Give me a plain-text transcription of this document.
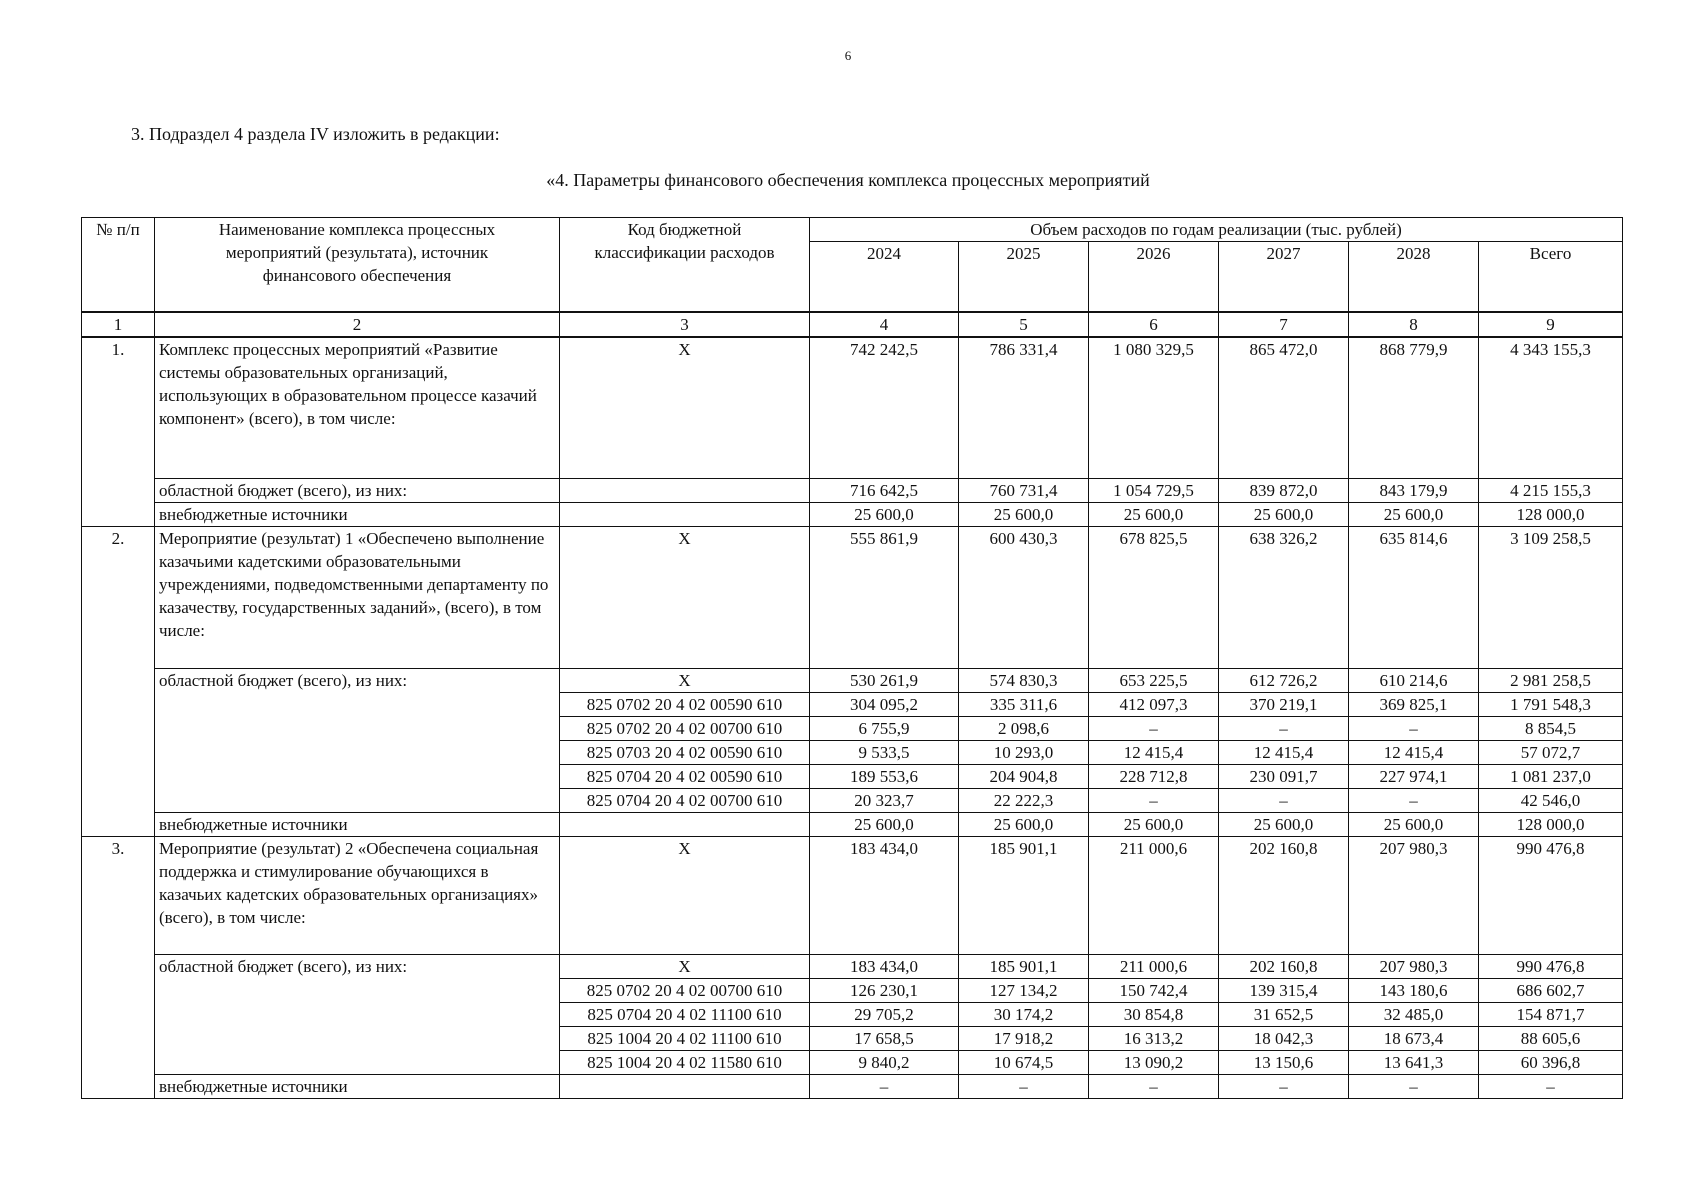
6
3. Подраздел 4 раздела IV изложить в редакции:
«4. Параметры финансового обеспечения комплекса процессных мероприятий
№ п/п	Наименование комплекса процессных мероприятий (результата), источник финансового обеспечения	Код бюджетной классификации расходов	Объем расходов по годам реализации (тыс. рублей)					
			2024	2025	2026	2027	2028	Всего
1	2	3	4	5	6	7	8	9
1.	Комплекс процессных мероприятий «Развитие системы образовательных организаций, использующих в образовательном процессе казачий компонент» (всего), в том числе:	Х	742 242,5	786 331,4	1 080 329,5	865 472,0	868 779,9	4 343 155,3
	областной бюджет (всего), из них:		716 642,5	760 731,4	1 054 729,5	839 872,0	843 179,9	4 215 155,3
	внебюджетные источники		25 600,0	25 600,0	25 600,0	25 600,0	25 600,0	128 000,0
2.	Мероприятие (результат) 1 «Обеспечено выполнение казачьими кадетскими образовательными учреждениями, подведомственными департаменту по казачеству, государственных заданий», (всего), в том числе:	Х	555 861,9	600 430,3	678 825,5	638 326,2	635 814,6	3 109 258,5
	областной бюджет (всего), из них:	Х	530 261,9	574 830,3	653 225,5	612 726,2	610 214,6	2 981 258,5
		825 0702 20 4 02 00590 610	304 095,2	335 311,6	412 097,3	370 219,1	369 825,1	1 791 548,3
		825 0702 20 4 02 00700 610	6 755,9	2 098,6	–	–	–	8 854,5
		825 0703 20 4 02 00590 610	9 533,5	10 293,0	12 415,4	12 415,4	12 415,4	57 072,7
		825 0704 20 4 02 00590 610	189 553,6	204 904,8	228 712,8	230 091,7	227 974,1	1 081 237,0
		825 0704 20 4 02 00700 610	20 323,7	22 222,3	–	–	–	42 546,0
	внебюджетные источники		25 600,0	25 600,0	25 600,0	25 600,0	25 600,0	128 000,0
3.	Мероприятие (результат) 2 «Обеспечена социальная поддержка и стимулирование обучающихся в казачьих кадетских образовательных организациях» (всего), в том числе:	Х	183 434,0	185 901,1	211 000,6	202 160,8	207 980,3	990 476,8
	областной бюджет (всего), из них:	Х	183 434,0	185 901,1	211 000,6	202 160,8	207 980,3	990 476,8
		825 0702 20 4 02 00700 610	126 230,1	127 134,2	150 742,4	139 315,4	143 180,6	686 602,7
		825 0704 20 4 02 11100 610	29 705,2	30 174,2	30 854,8	31 652,5	32 485,0	154 871,7
		825 1004 20 4 02 11100 610	17 658,5	17 918,2	16 313,2	18 042,3	18 673,4	88 605,6
		825 1004 20 4 02 11580 610	9 840,2	10 674,5	13 090,2	13 150,6	13 641,3	60 396,8
	внебюджетные источники		–	–	–	–	–	–
